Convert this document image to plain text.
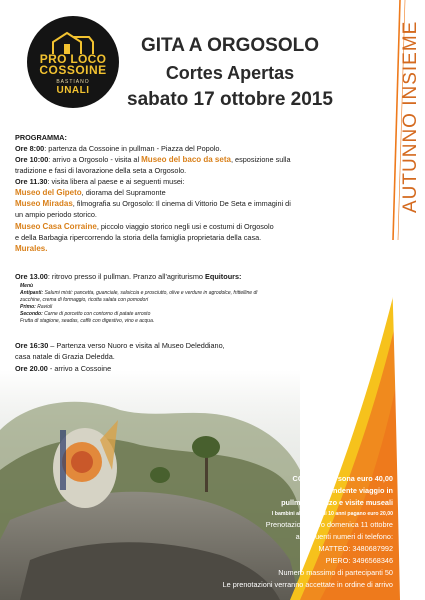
PRO LOCO
COSSOINE
BASTIANO
UNALI
GITA A ORGOSOLO
Cortes Apertas
sabato 17 ottobre 2015	AUTUNNO INSIEME
PROGRAMMA:
Ore 8:00: partenza da Cossoine in pullman - Piazza del Popolo.
Ore 10:00: arrivo a Orgosolo - visita al Museo del baco da seta, esposizione sulla
tradizione e fasi di lavorazione della seta a Orgosolo.
Ore 11.30: visita libera al paese e ai seguenti musei:
Museo del Gipeto, diorama del Supramonte
Museo Miradas, filmografia su Orgosolo: Il cinema di Vittorio De Seta e immagini di
un ampio periodo storico.
Museo Casa Corraine, piccolo viaggio storico negli usi e costumi di Orgosolo
e della Barbagia ripercorrendo la storia della famiglia proprietaria della casa.
Murales.
Ore 13.00: ritrovo presso il pullman. Pranzo all'agriturismo Equitours:
Menù
Antipasti: Salumi misti: pancetta, guanciale, salsiccia e prosciutto, olive e verdure in agrodolce, frittelline di
zucchine, crema di formaggio, ricotta salata con pomodori
Primo: Ravioli
Secondo: Carne di porcetto con contorno di patate arrosto
Frutta di stagione, seadas, caffè con digestivo, vino e acqua.
Ore 16:30 – Partenza verso Nuoro e visita al Museo Deleddiano,
casa natale di Grazia Deledda.
Ore 20.00 - arrivo a Cossoine
COSTO a persona euro 40,00
comprendente viaggio in
pullman, pranzo e visite museali
I bambini al di sotto di 10 anni pagano euro 20,00
Prenotazioni entro domenica 11 ottobre
ai seguenti numeri di telefono:
MATTEO: 3480687992
PIERO: 3496568346
Numero massimo di partecipanti 50
Le prenotazioni verranno accettate in ordine di arrivo
